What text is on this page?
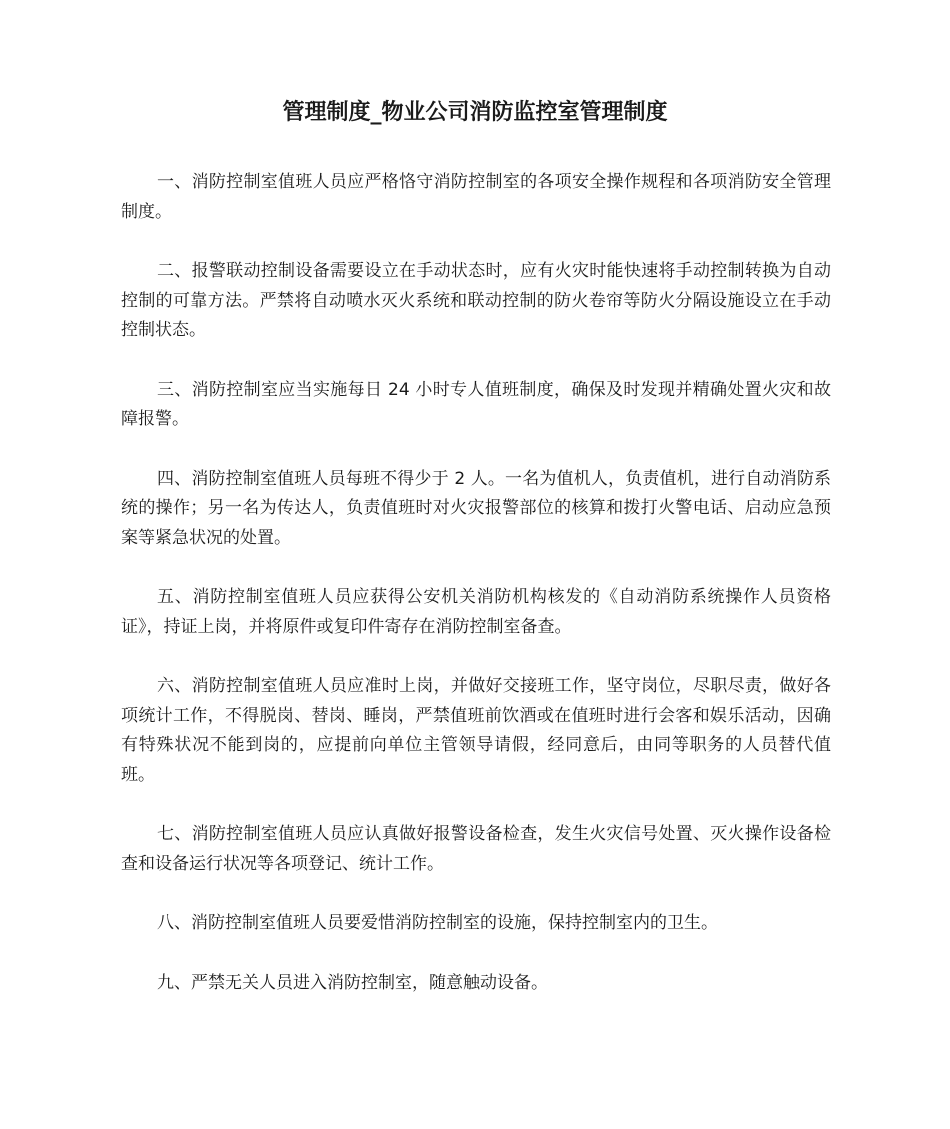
管理制度_物业公司消防监控室管理制度

一、消防控制室值班人员应严格恪守消防控制室的各项安全操作规程和各项消防安全管理制度。

二、报警联动控制设备需要设立在手动状态时，应有火灾时能快速将手动控制转换为自动控制的可靠方法。严禁将自动喷水灭火系统和联动控制的防火卷帘等防火分隔设施设立在手动控制状态。

三、消防控制室应当实施每日 24 小时专人值班制度，确保及时发现并精确处置火灾和故障报警。

四、消防控制室值班人员每班不得少于 2 人。一名为值机人，负责值机，进行自动消防系统的操作；另一名为传达人，负责值班时对火灾报警部位的核算和拨打火警电话、启动应急预案等紧急状况的处置。

五、消防控制室值班人员应获得公安机关消防机构核发的《自动消防系统操作人员资格证》，持证上岗，并将原件或复印件寄存在消防控制室备查。

六、消防控制室值班人员应准时上岗，并做好交接班工作，坚守岗位，尽职尽责，做好各项统计工作，不得脱岗、替岗、睡岗，严禁值班前饮酒或在值班时进行会客和娱乐活动，因确有特殊状况不能到岗的，应提前向单位主管领导请假，经同意后，由同等职务的人员替代值班。

七、消防控制室值班人员应认真做好报警设备检查，发生火灾信号处置、灭火操作设备检查和设备运行状况等各项登记、统计工作。

八、消防控制室值班人员要爱惜消防控制室的设施，保持控制室内的卫生。

九、严禁无关人员进入消防控制室，随意触动设备。
